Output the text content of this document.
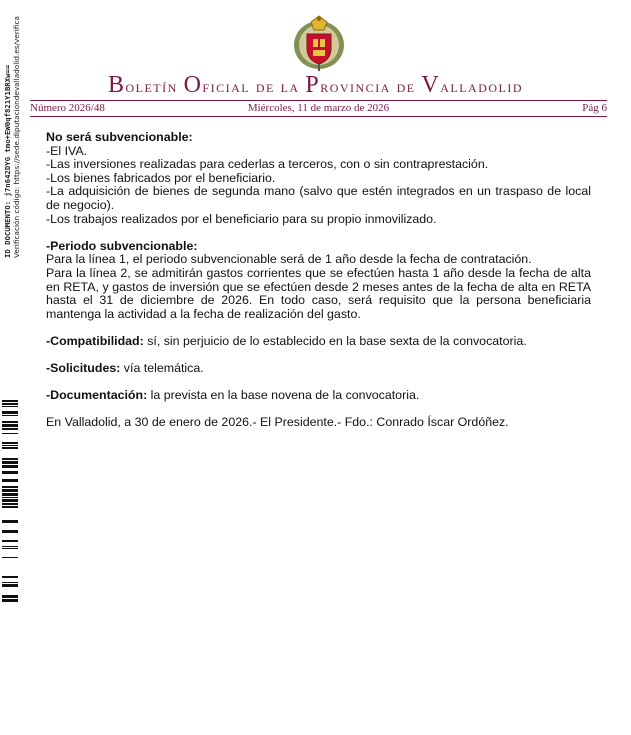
Boletín Oficial de la Provincia de Valladolid
Número 2026/48	Miércoles, 11 de marzo de 2026	Pág 6
ID DOCUMENTO: j7n642DYG tmo+EW0qf821Y1BRXw== Verificación código: https://sede.diputaciondevalladolid.es/verifica No será subvencionable:

-El IVA.

-Las inversiones realizadas para cederlas a terceros, con o sin contraprestación.

-Los bienes fabricados por el beneficiario.

-La adquisición de bienes de segunda mano (salvo que estén integrados en un traspaso de local de negocio).

-Los trabajos realizados por el beneficiario para su propio inmovilizado.

-Periodo subvencionable:

Para la línea 1, el periodo subvencionable será de 1 año desde la fecha de contratación.

Para la línea 2, se admitirán gastos corrientes que se efectúen hasta 1 año desde la fecha de alta en RETA, y gastos de inversión que se efectúen desde 2 meses antes de la fecha de alta en RETA hasta el 31 de diciembre de 2026. En todo caso, será requisito que la persona beneficiaria mantenga la actividad a la fecha de realización del gasto.

-Compatibilidad: sí, sin perjuicio de lo establecido en la base sexta de la convocatoria.

-Solicitudes: vía telemática.

-Documentación: la prevista en la base novena de la convocatoria.

En Valladolid, a 30 de enero de 2026.- El Presidente.- Fdo.: Conrado Íscar Ordóñez.
